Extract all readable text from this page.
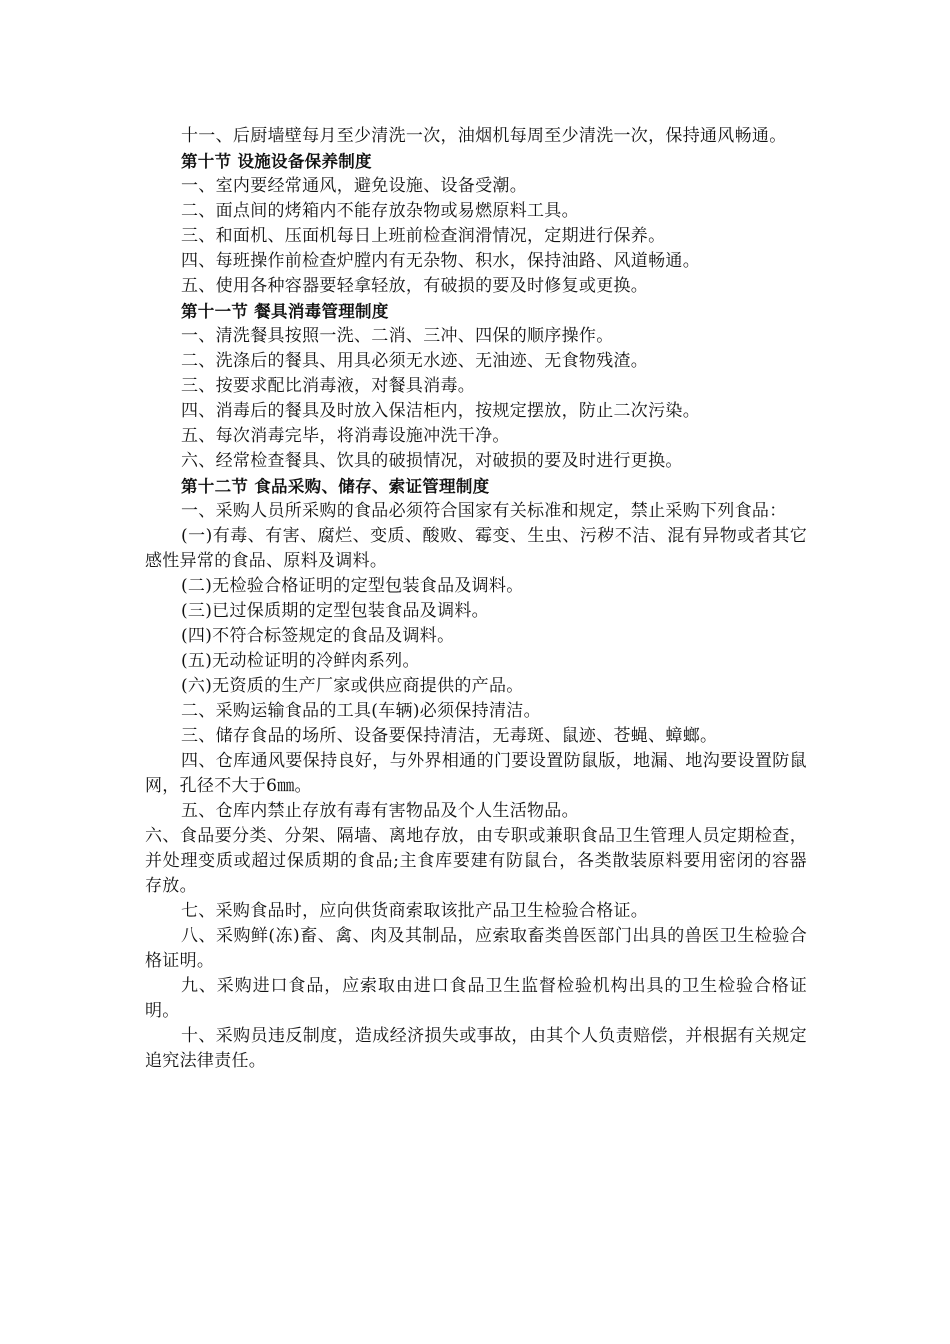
十一、后厨墙壁每月至少清洗一次，油烟机每周至少清洗一次，保持通风畅通。

第十节 设施设备保养制度

一、室内要经常通风，避免设施、设备受潮。

二、面点间的烤箱内不能存放杂物或易燃原料工具。

三、和面机、压面机每日上班前检查润滑情况，定期进行保养。

四、每班操作前检查炉膛内有无杂物、积水，保持油路、风道畅通。

五、使用各种容器要轻拿轻放，有破损的要及时修复或更换。

第十一节 餐具消毒管理制度

一、清洗餐具按照一洗、二消、三冲、四保的顺序操作。

二、洗涤后的餐具、用具必须无水迹、无油迹、无食物残渣。

三、按要求配比消毒液，对餐具消毒。

四、消毒后的餐具及时放入保洁柜内，按规定摆放，防止二次污染。

五、每次消毒完毕，将消毒设施冲洗干净。

六、经常检查餐具、饮具的破损情况，对破损的要及时进行更换。

第十二节 食品采购、储存、索证管理制度

一、采购人员所采购的食品必须符合国家有关标准和规定，禁止采购下列食品：

(一)有毒、有害、腐烂、变质、酸败、霉变、生虫、污秽不洁、混有异物或者其它感性异常的食品、原料及调料。

(二)无检验合格证明的定型包装食品及调料。

(三)已过保质期的定型包装食品及调料。

(四)不符合标签规定的食品及调料。

(五)无动检证明的冷鲜肉系列。

(六)无资质的生产厂家或供应商提供的产品。

二、采购运输食品的工具(车辆)必须保持清洁。

三、储存食品的场所、设备要保持清洁，无毒斑、鼠迹、苍蝇、蟑螂。

四、仓库通风要保持良好，与外界相通的门要设置防鼠版，地漏、地沟要设置防鼠网，孔径不大于6㎜。

五、仓库内禁止存放有毒有害物品及个人生活物品。

六、食品要分类、分架、隔墙、离地存放，由专职或兼职食品卫生管理人员定期检查，并处理变质或超过保质期的食品;主食库要建有防鼠台，各类散装原料要用密闭的容器存放。

七、采购食品时，应向供货商索取该批产品卫生检验合格证。

八、采购鲜(冻)畜、禽、肉及其制品，应索取畜类兽医部门出具的兽医卫生检验合格证明。

九、采购进口食品，应索取由进口食品卫生监督检验机构出具的卫生检验合格证明。

十、采购员违反制度，造成经济损失或事故，由其个人负责赔偿，并根据有关规定追究法律责任。
